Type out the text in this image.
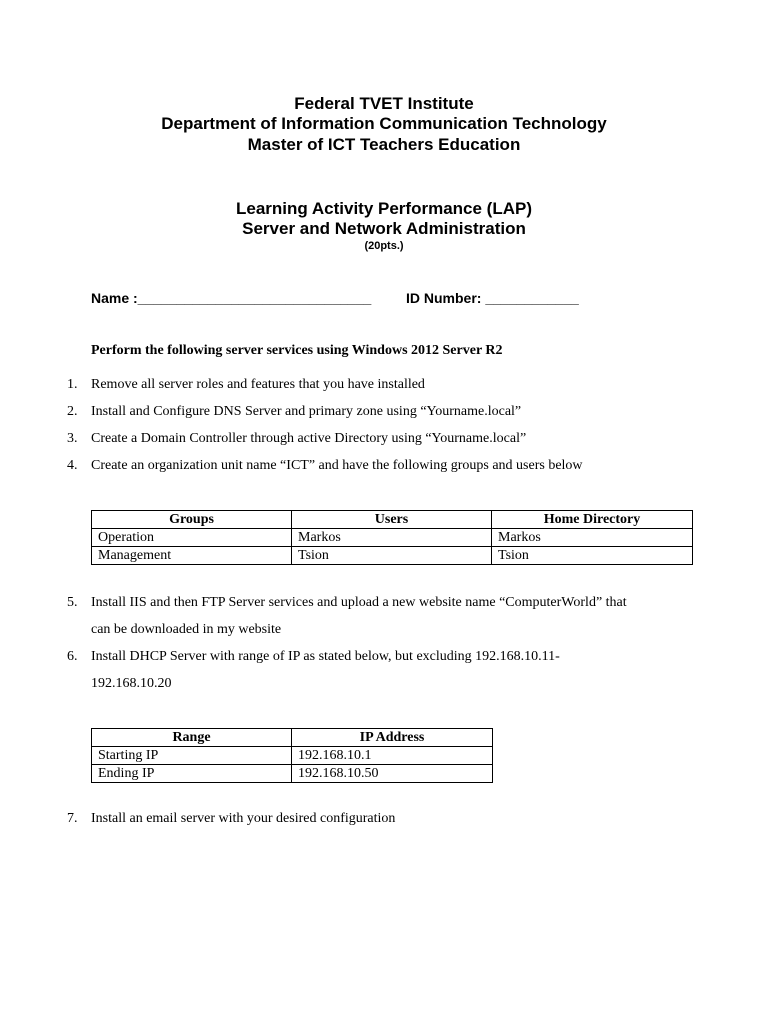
Federal TVET Institute
Department of Information Communication Technology
Master of ICT Teachers Education
Learning Activity Performance (LAP)
Server and Network Administration
(20pts.)
Name :______________________________ ID Number: ____________
Perform the following server services using Windows 2012 Server R2
1. Remove all server roles and features that you have installed
2. Install and Configure DNS Server and primary zone using “Yourname.local”
3. Create a Domain Controller through active Directory using “Yourname.local”
4. Create an organization unit name “ICT” and have the following groups and users below
Groups	Users	Home Directory
Operation	Markos	Markos
Management	Tsion	Tsion
5. Install IIS and then FTP Server services and upload a new website name “ComputerWorld” that
can be downloaded in my website
6. Install DHCP Server with range of IP as stated below, but excluding 192.168.10.11-
192.168.10.20
Range	IP Address
Starting IP	192.168.10.1
Ending IP	192.168.10.50
7. Install an email server with your desired configuration
